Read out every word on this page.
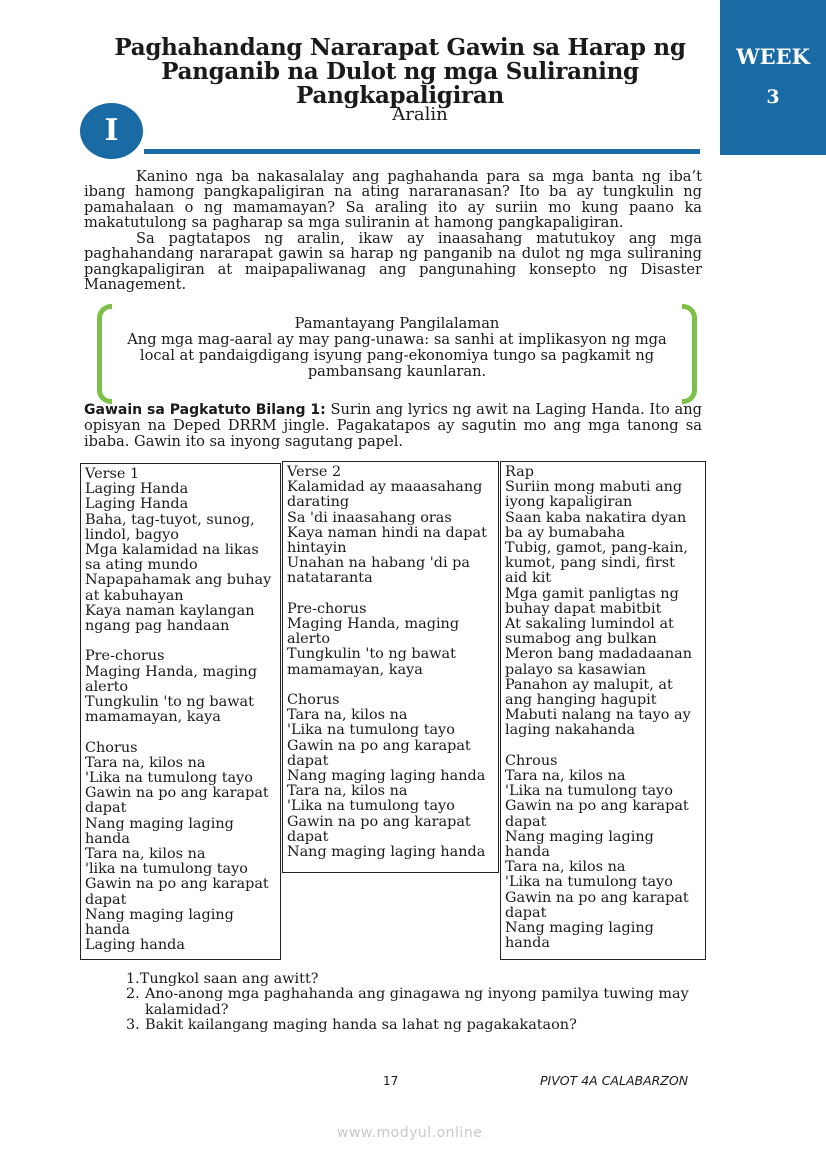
WEEK
3
Paghahandang Nararapat Gawin sa Harap ng
Panganib na Dulot ng mga Suliraning
Pangkapaligiran
Aralin
I

Kanino nga ba nakasalalay ang paghahanda para sa mga banta ng iba’t ibang hamong pangkapaligiran na ating nararanasan? Ito ba ay tungkulin ng pamahalaan o ng mamamayan? Sa araling ito ay suriin mo kung paano ka makatutulong sa pagharap sa mga suliranin at hamong pangkapaligiran.

Sa pagtatapos ng aralin, ikaw ay inaasahang matutukoy ang mga paghahandang nararapat gawin sa harap ng panganib na dulot ng mga suliraning pangkapaligiran at maipapaliwanag ang pangunahing konsepto ng Disaster Management.

Pamantayang Pangilalaman
Ang mga mag-aaral ay may pang-unawa: sa sanhi at implikasyon ng mga local at pandaigdigang isyung pang-ekonomiya tungo sa pagkamit ng pambansang kaunlaran.
Gawain sa Pagkatuto Bilang 1: Surin ang lyrics ng awit na Laging Handa. Ito ang opisyan na Deped DRRM jingle. Pagakatapos ay sagutin mo ang mga tanong sa ibaba. Gawin ito sa inyong sagutang papel.
Verse 1
Laging Handa
Laging Handa
Baha, tag-tuyot, sunog, lindol, bagyo
Mga kalamidad na likas sa ating mundo
Napapahamak ang buhay at kabuhayan
Kaya naman kaylangan ngang pag handaan
Pre-chorus
Maging Handa, maging alerto
Tungkulin 'to ng bawat mamamayan, kaya
Chorus
Tara na, kilos na
'Lika na tumulong tayo
Gawin na po ang karapat dapat
Nang maging laging handa
Tara na, kilos na
'lika na tumulong tayo
Gawin na po ang karapat dapat
Nang maging laging handa
Laging handa
Verse 2
Kalamidad ay maaasahang darating
Sa 'di inaasahang oras
Kaya naman hindi na dapat hintayin
Unahan na habang 'di pa natataranta
Pre-chorus
Maging Handa, maging alerto
Tungkulin 'to ng bawat mamamayan, kaya
Chorus
Tara na, kilos na
'Lika na tumulong tayo
Gawin na po ang karapat dapat
Nang maging laging handa
Tara na, kilos na
'Lika na tumulong tayo
Gawin na po ang karapat dapat
Nang maging laging handa
Rap
Suriin mong mabuti ang iyong kapaligiran
Saan kaba nakatira dyan ba ay bumabaha
Tubig, gamot, pang-kain, kumot, pang sindi, first aid kit
Mga gamit panligtas ng buhay dapat mabitbit
At sakaling lumindol at sumabog ang bulkan
Meron bang madadaanan palayo sa kasawian
Panahon ay malupit, at ang hanging hagupit
Mabuti nalang na tayo ay laging nakahanda
Chrous
Tara na, kilos na
'Lika na tumulong tayo
Gawin na po ang karapat dapat
Nang maging laging handa
Tara na, kilos na
'Lika na tumulong tayo
Gawin na po ang karapat dapat
Nang maging laging handa
1.Tungkol saan ang awitt?
2. Ano-anong mga paghahanda ang ginagawa ng inyong pamilya tuwing may kalamidad?
3. Bakit kailangang maging handa sa lahat ng pagakakataon?
17	PIVOT 4A CALABARZON
www.modyul.online
